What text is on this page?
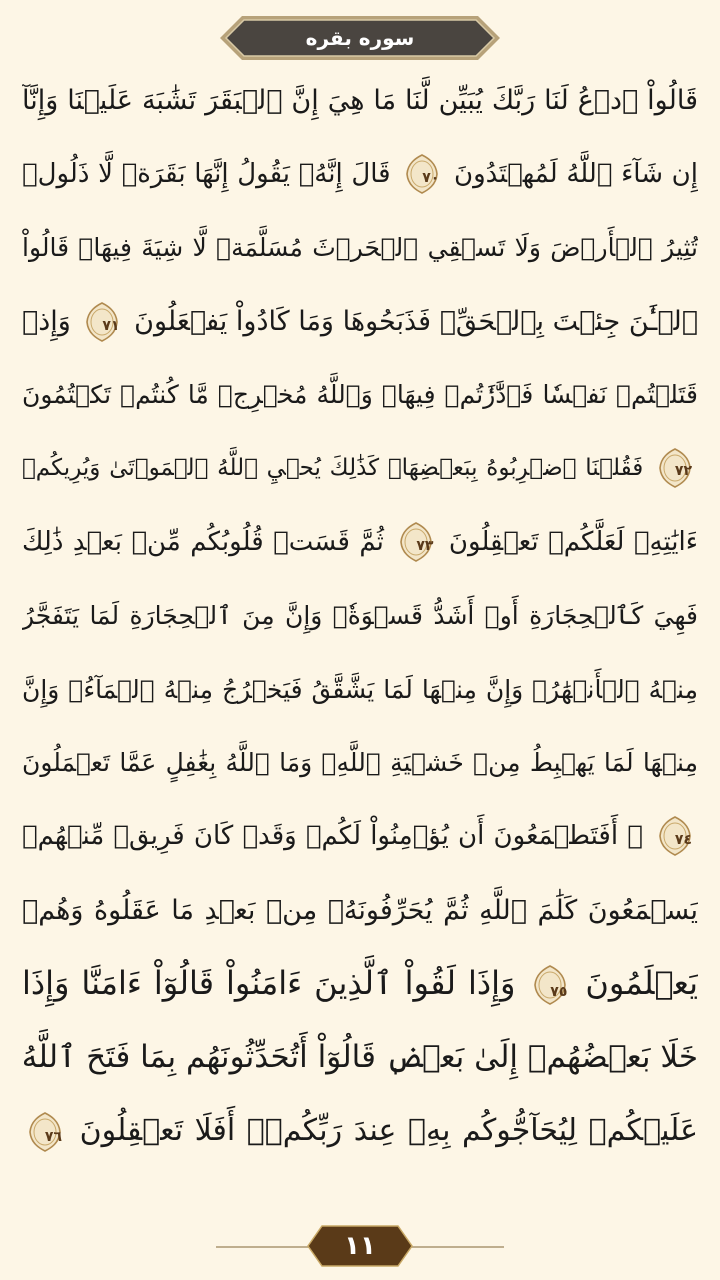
سوره بقره
قَالُواْ ٱدۡعُ لَنَا رَبَّكَ يُبَيِّن لَّنَا مَا هِيَ إِنَّ ٱلۡبَقَرَ تَشَٰبَهَ عَلَيۡنَا وَإِنَّآ
إِن شَآءَ ٱللَّهُ لَمُهۡتَدُونَ
٧٠ قَالَ إِنَّهُۥ يَقُولُ إِنَّهَا بَقَرَةٞ لَّا ذَلُولٞ
تُثِيرُ ٱلۡأَرۡضَ وَلَا تَسۡقِي ٱلۡحَرۡثَ مُسَلَّمَةٞ لَّا شِيَةَ فِيهَاۚ قَالُواْ
ٱلۡـَٰٔنَ جِئۡتَ بِٱلۡحَقِّۚ فَذَبَحُوهَا وَمَا كَادُواْ يَفۡعَلُونَ
٧١ وَإِذۡ
قَتَلۡتُمۡ نَفۡسٗا فَٱدَّٰرَٰٔتُمۡ فِيهَاۖ وَٱللَّهُ مُخۡرِجٞ مَّا كُنتُمۡ تَكۡتُمُونَ
٧٢ فَقُلۡنَا ٱضۡرِبُوهُ بِبَعۡضِهَاۚ كَذَٰلِكَ يُحۡيِ ٱللَّهُ ٱلۡمَوۡتَىٰ وَيُرِيكُمۡ
ءَايَٰتِهِۦ لَعَلَّكُمۡ تَعۡقِلُونَ
٧٣ ثُمَّ قَسَتۡ قُلُوبُكُم مِّنۢ بَعۡدِ ذَٰلِكَ
فَهِيَ كَٱلۡحِجَارَةِ أَوۡ أَشَدُّ قَسۡوَةٗۚ وَإِنَّ مِنَ ٱلۡحِجَارَةِ لَمَا يَتَفَجَّرُ
مِنۡهُ ٱلۡأَنۡهَٰرُۚ وَإِنَّ مِنۡهَا لَمَا يَشَّقَّقُ فَيَخۡرُجُ مِنۡهُ ٱلۡمَآءُۚ وَإِنَّ
مِنۡهَا لَمَا يَهۡبِطُ مِنۡ خَشۡيَةِ ٱللَّهِۗ وَمَا ٱللَّهُ بِغَٰفِلٍ عَمَّا تَعۡمَلُونَ
٧٤ ۞ أَفَتَطۡمَعُونَ أَن يُؤۡمِنُواْ لَكُمۡ وَقَدۡ كَانَ فَرِيقٞ مِّنۡهُمۡ
يَسۡمَعُونَ كَلَٰمَ ٱللَّهِ ثُمَّ يُحَرِّفُونَهُۥ مِنۢ بَعۡدِ مَا عَقَلُوهُ وَهُمۡ
يَعۡلَمُونَ
٧٥ وَإِذَا لَقُواْ ٱلَّذِينَ ءَامَنُواْ قَالُوٓاْ ءَامَنَّا وَإِذَا
خَلَا بَعۡضُهُمۡ إِلَىٰ بَعۡضٖ قَالُوٓاْ أَتُحَدِّثُونَهُم بِمَا فَتَحَ ٱللَّهُ
عَلَيۡكُمۡ لِيُحَآجُّوكُم بِهِۦ عِندَ رَبِّكُمۡۚ أَفَلَا تَعۡقِلُونَ
٧٦
١١
